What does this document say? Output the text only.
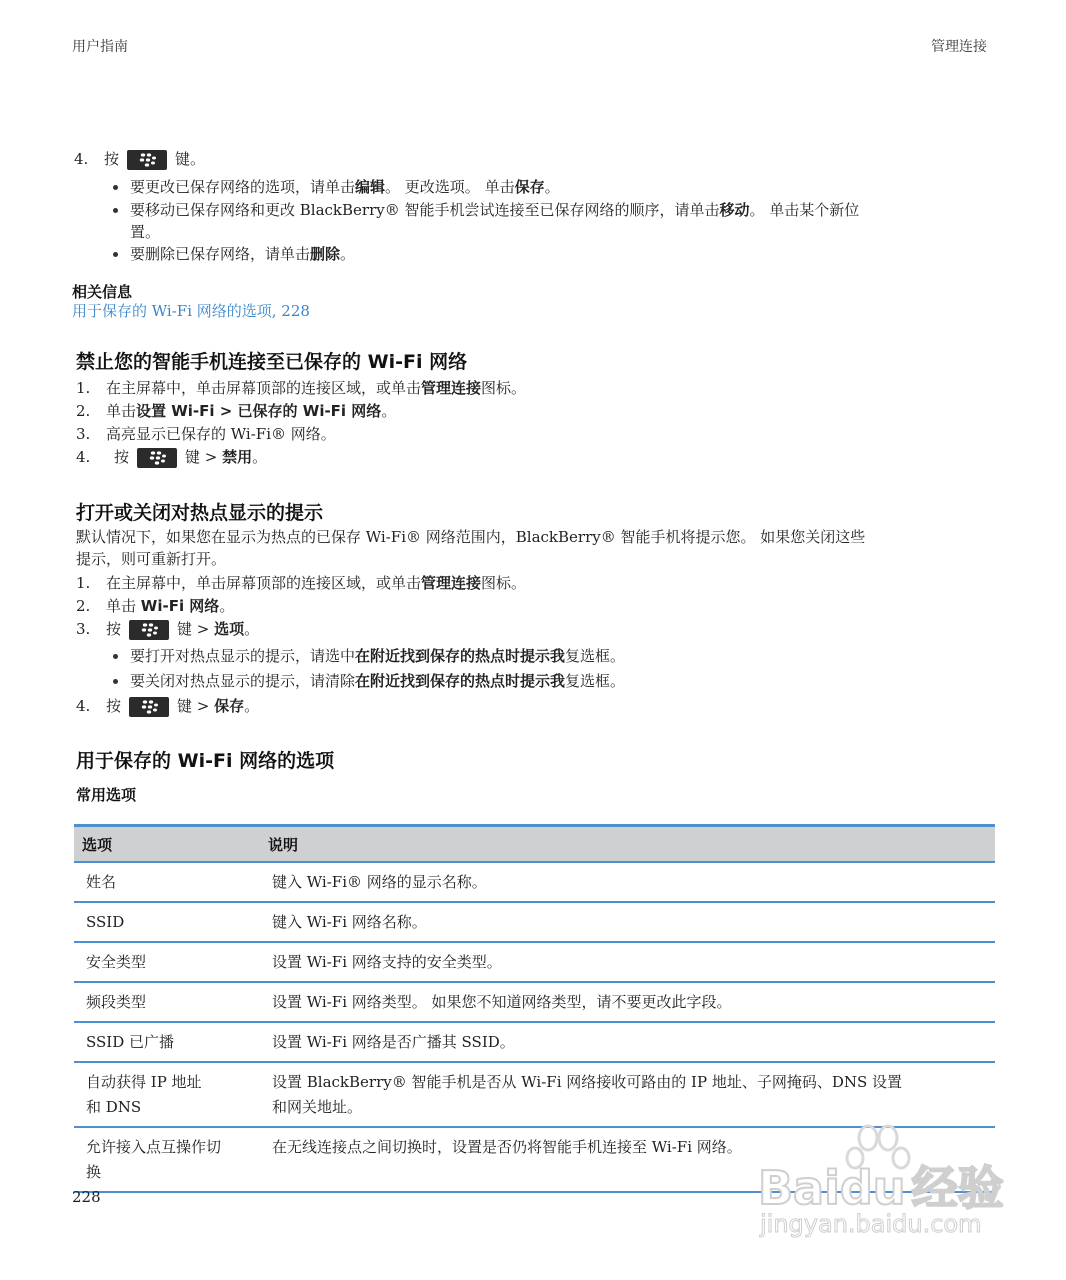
用户指南	管理连接
4. 按	键。
要更改已保存网络的选项，请单击编辑。 更改选项。 单击保存。
要移动已保存网络和更改 BlackBerry® 智能手机尝试连接至已保存网络的顺序，请单击移动。 单击某个新位
置。
要删除已保存网络，请单击删除。
相关信息
用于保存的 Wi-Fi 网络的选项, 228
禁止您的智能手机连接至已保存的 Wi-Fi 网络
1. 在主屏幕中，单击屏幕顶部的连接区域，或单击管理连接图标。
2. 单击设置 Wi-Fi > 已保存的 Wi-Fi 网络。
3. 高亮显示已保存的 Wi-Fi® 网络。
4. 按	键 > 禁用。
打开或关闭对热点显示的提示
默认情况下，如果您在显示为热点的已保存 Wi-Fi® 网络范围内，BlackBerry® 智能手机将提示您。 如果您关闭这些
提示，则可重新打开。
1. 在主屏幕中，单击屏幕顶部的连接区域，或单击管理连接图标。
2. 单击 Wi-Fi 网络。
3. 按	键 > 选项。
要打开对热点显示的提示，请选中在附近找到保存的热点时提示我复选框。
要关闭对热点显示的提示，请清除在附近找到保存的热点时提示我复选框。
4. 按	键 > 保存。
用于保存的 Wi-Fi 网络的选项
常用选项
选项	说明
姓名	键入 Wi-Fi® 网络的显示名称。
SSID	键入 Wi-Fi 网络名称。
安全类型	设置 Wi-Fi 网络支持的安全类型。
频段类型	设置 Wi-Fi 网络类型。 如果您不知道网络类型，请不要更改此字段。
SSID 已广播	设置 Wi-Fi 网络是否广播其 SSID。
自动获得 IP 地址
和 DNS	设置 BlackBerry® 智能手机是否从 Wi-Fi 网络接收可路由的 IP 地址、子网掩码、DNS 设置
和网关地址。
允许接入点互操作切
换	在无线连接点之间切换时，设置是否仍将智能手机连接至 Wi-Fi 网络。
228	Baidu 经验
jingyan.baidu.com
